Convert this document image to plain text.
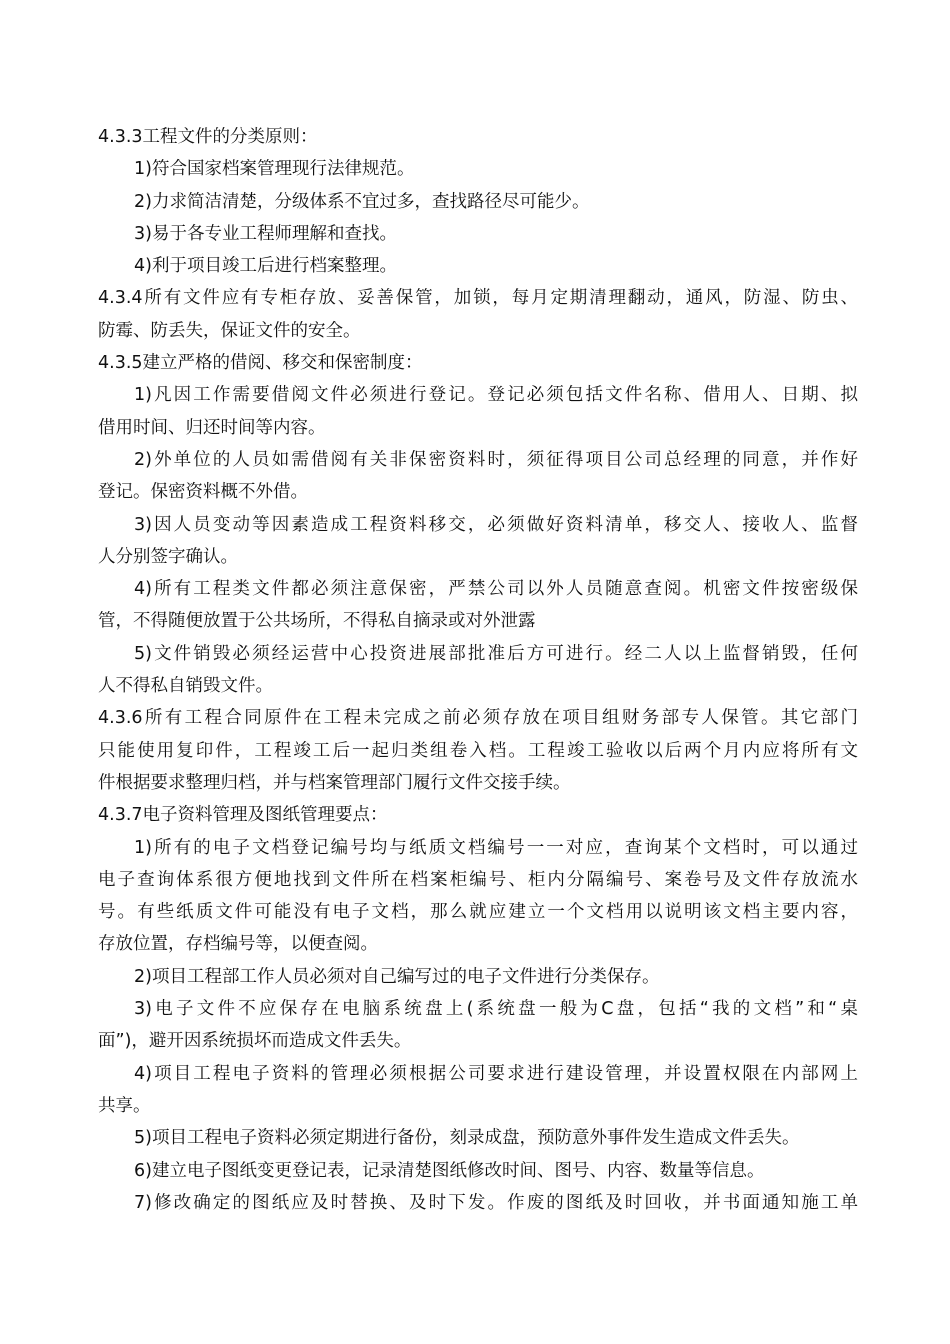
4.3.3工程文件的分类原则：
1)符合国家档案管理现行法律规范。
2)力求简洁清楚，分级体系不宜过多，查找路径尽可能少。
3)易于各专业工程师理解和查找。
4)利于项目竣工后进行档案整理。
4.3.4所有文件应有专柜存放、妥善保管，加锁，每月定期清理翻动，通风，防湿、防虫、
防霉、防丢失，保证文件的安全。
4.3.5建立严格的借阅、移交和保密制度：
1)凡因工作需要借阅文件必须进行登记。登记必须包括文件名称、借用人、日期、拟
借用时间、归还时间等内容。
2)外单位的人员如需借阅有关非保密资料时，须征得项目公司总经理的同意，并作好
登记。保密资料概不外借。
3)因人员变动等因素造成工程资料移交，必须做好资料清单，移交人、接收人、监督
人分别签字确认。
4)所有工程类文件都必须注意保密，严禁公司以外人员随意查阅。机密文件按密级保
管，不得随便放置于公共场所，不得私自摘录或对外泄露
5)文件销毁必须经运营中心投资进展部批准后方可进行。经二人以上监督销毁，任何
人不得私自销毁文件。
4.3.6所有工程合同原件在工程未完成之前必须存放在项目组财务部专人保管。其它部门
只能使用复印件，工程竣工后一起归类组卷入档。工程竣工验收以后两个月内应将所有文
件根据要求整理归档，并与档案管理部门履行文件交接手续。
4.3.7电子资料管理及图纸管理要点：
1)所有的电子文档登记编号均与纸质文档编号一一对应，查询某个文档时，可以通过
电子查询体系很方便地找到文件所在档案柜编号、柜内分隔编号、案卷号及文件存放流水
号。有些纸质文件可能没有电子文档，那么就应建立一个文档用以说明该文档主要内容，
存放位置，存档编号等，以便查阅。
2)项目工程部工作人员必须对自己编写过的电子文件进行分类保存。
3)电子文件不应保存在电脑系统盘上(系统盘一般为C盘，包括“我的文档”和“桌
面”)，避开因系统损坏而造成文件丢失。
4)项目工程电子资料的管理必须根据公司要求进行建设管理，并设置权限在内部网上
共享。
5)项目工程电子资料必须定期进行备份，刻录成盘，预防意外事件发生造成文件丢失。
6)建立电子图纸变更登记表，记录清楚图纸修改时间、图号、内容、数量等信息。
7)修改确定的图纸应及时替换、及时下发。作废的图纸及时回收，并书面通知施工单
